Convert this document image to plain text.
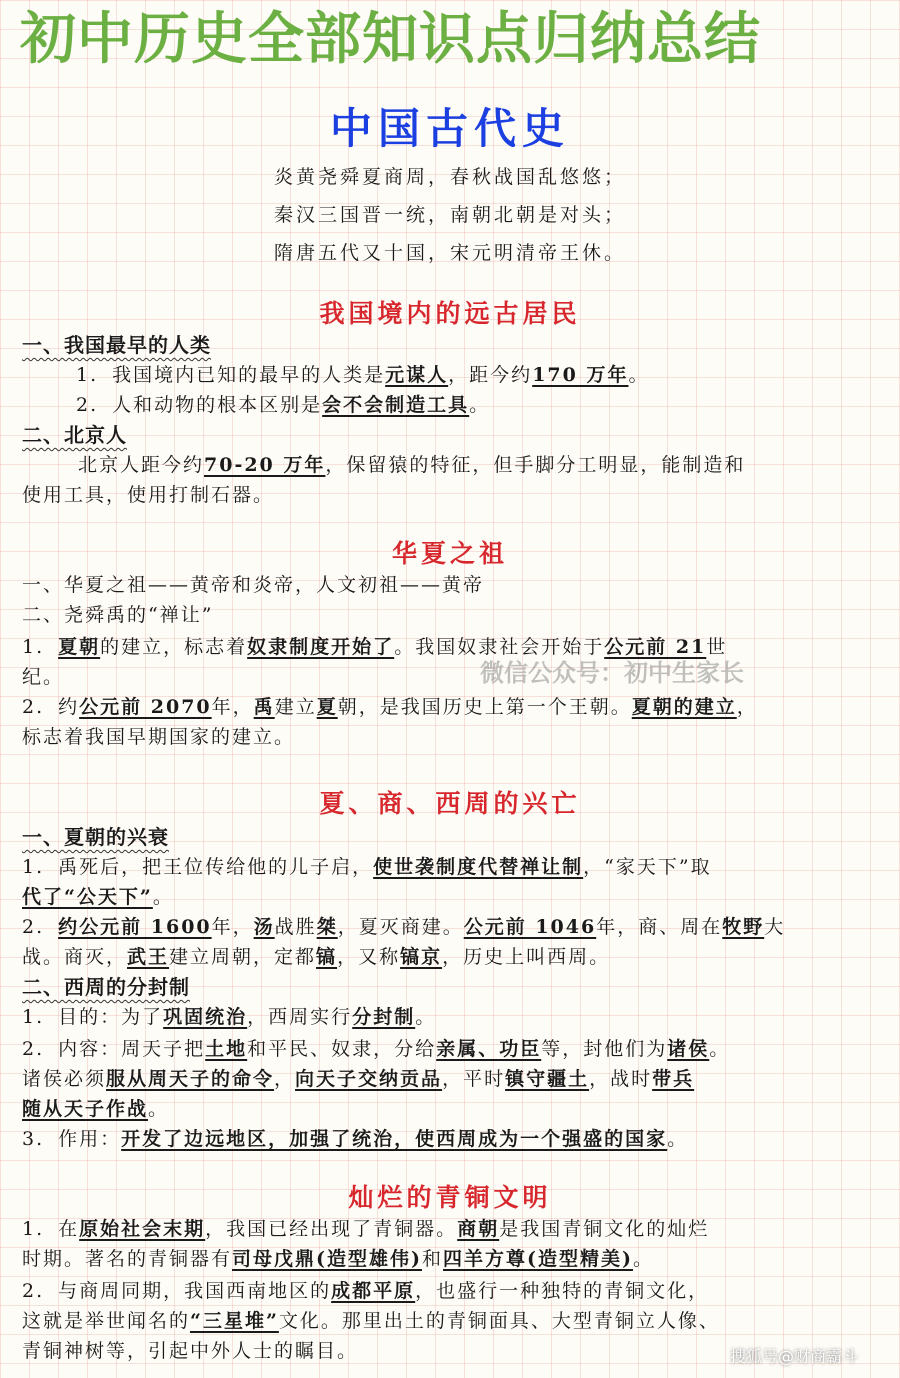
初中历史全部知识点归纳总结
中国古代史
炎黄尧舜夏商周，春秋战国乱悠悠；
秦汉三国晋一统，南朝北朝是对头；
隋唐五代又十国，宋元明清帝王休。
我国境内的远古居民
一、我国最早的人类
1. 我国境内已知的最早的人类是元谋人，距今约170 万年。
2. 人和动物的根本区别是会不会制造工具。
二、北京人
北京人距今约70-20 万年，保留猿的特征，但手脚分工明显，能制造和
使用工具，使用打制石器。
华夏之祖
一、华夏之祖——黄帝和炎帝，人文初祖——黄帝
二、尧舜禹的“禅让”
1. 夏朝的建立，标志着奴隶制度开始了。我国奴隶社会开始于公元前 21世
纪。
2. 约公元前 2070年，禹建立夏朝，是我国历史上第一个王朝。夏朝的建立，
标志着我国早期国家的建立。
夏、商、西周的兴亡
一、夏朝的兴衰
1. 禹死后，把王位传给他的儿子启，使世袭制度代替禅让制，“家天下”取
代了“公天下”。
2. 约公元前 1600年，汤战胜桀，夏灭商建。公元前 1046年，商、周在牧野大
战。商灭，武王建立周朝，定都镐，又称镐京，历史上叫西周。
二、西周的分封制
1. 目的：为了巩固统治，西周实行分封制。
2. 内容：周天子把土地和平民、奴隶，分给亲属、功臣等，封他们为诸侯。
诸侯必须服从周天子的命令，向天子交纳贡品，平时镇守疆土，战时带兵
随从天子作战。
3. 作用：开发了边远地区，加强了统治，使西周成为一个强盛的国家。
灿烂的青铜文明
1. 在原始社会末期，我国已经出现了青铜器。商朝是我国青铜文化的灿烂
时期。著名的青铜器有司母戊鼎(造型雄伟)和四羊方尊(造型精美)。
2. 与商周同期，我国西南地区的成都平原，也盛行一种独特的青铜文化，
这就是举世闻名的“三星堆”文化。那里出土的青铜面具、大型青铜立人像、
青铜神树等，引起中外人士的瞩目。
微信公众号：初中生家长
搜狐号@财商霸斗
